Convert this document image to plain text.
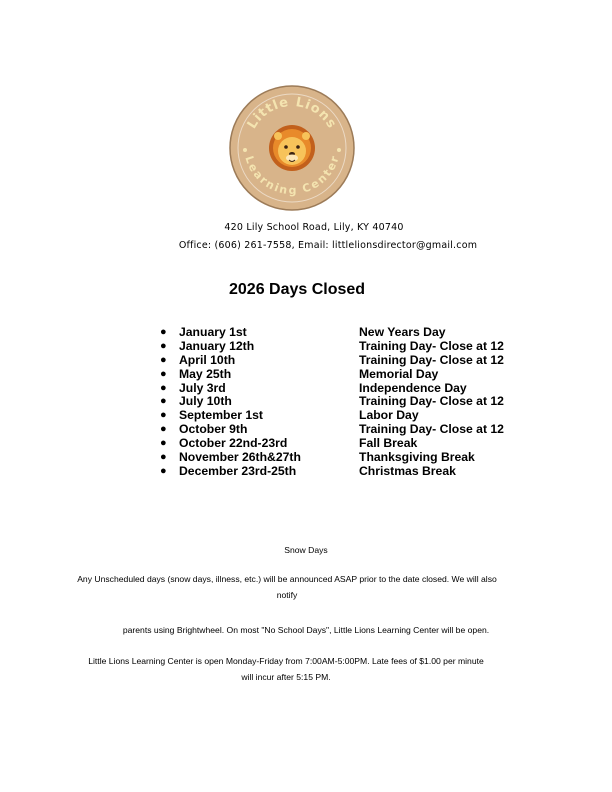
Little Lions
Learning Center
420 Lily School Road, Lily, KY 40740
Office: (606) 261-7558, Email: littlelionsdirector@gmail.com
2026 Days Closed
● January 1st	New Years Day
● January 12th	Training Day- Close at 12
● April 10th	Training Day- Close at 12
● May 25th	Memorial Day
● July 3rd	Independence Day
● July 10th	Training Day- Close at 12
● September 1st	Labor Day
● October 9th	Training Day- Close at 12
● October 22nd-23rd	Fall Break
● November 26th&27th	Thanksgiving Break
● December 23rd-25th	Christmas Break
Snow Days
Any Unscheduled days (snow days, illness, etc.) will be announced ASAP prior to the date closed. We will also notify
parents using Brightwheel. On most "No School Days", Little Lions Learning Center will be open.
Little Lions Learning Center is open Monday-Friday from 7:00AM-5:00PM. Late fees of $1.00 per minute will incur after 5:15 PM.
